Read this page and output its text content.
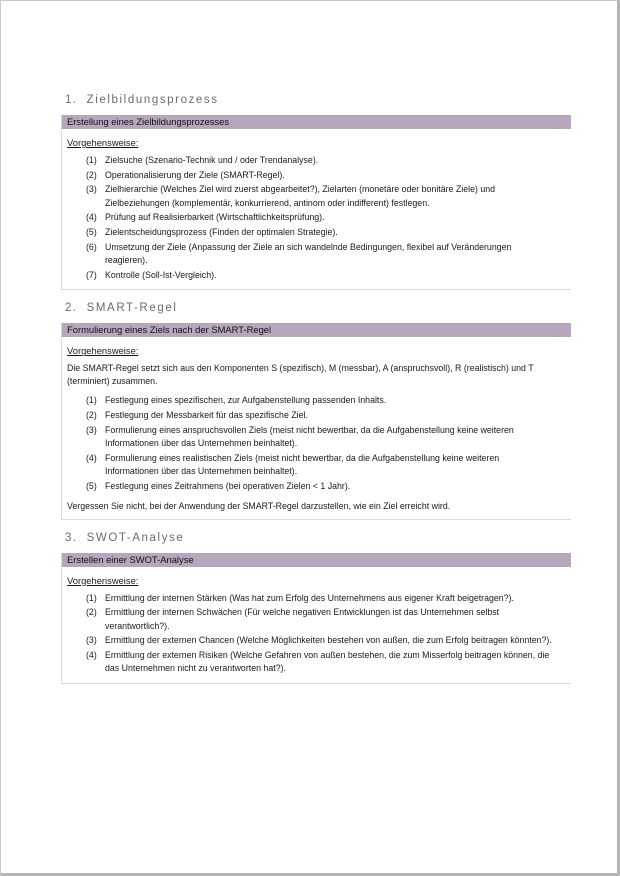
1. Zielbildungsprozess
Erstellung eines Zielbildungsprozesses
Vorgehensweise:
(1) Zielsuche (Szenario-Technik und / oder Trendanalyse).
(2) Operationalisierung der Ziele (SMART-Regel).
(3) Zielhierarchie (Welches Ziel wird zuerst abgearbeitet?), Zielarten (monetäre oder bonitäre Ziele) und Zielbeziehungen (komplementär, konkurrierend, antinom oder indifferent) festlegen.
(4) Prüfung auf Realisierbarkeit (Wirtschaftlichkeitsprüfung).
(5) Zielentscheidungsprozess (Finden der optimalen Strategie).
(6) Umsetzung der Ziele (Anpassung der Ziele an sich wandelnde Bedingungen, flexibel auf Veränderungen reagieren).
(7) Kontrolle (Soll-Ist-Vergleich).
2. SMART-Regel
Formulierung eines Ziels nach der SMART-Regel
Vorgehensweise:

Die SMART-Regel setzt sich aus den Komponenten S (spezifisch), M (messbar), A (anspruchsvoll), R (realistisch) und T (terminiert) zusammen.

(1) Festlegung eines spezifischen, zur Aufgabenstellung passenden Inhalts.
(2) Festlegung der Messbarkeit für das spezifische Ziel.
(3) Formulierung eines anspruchsvollen Ziels (meist nicht bewertbar, da die Aufgabenstellung keine weiteren Informationen über das Unternehmen beinhaltet).
(4) Formulierung eines realistischen Ziels (meist nicht bewertbar, da die Aufgabenstellung keine weiteren Informationen über das Unternehmen beinhaltet).
(5) Festlegung eines Zeitrahmens (bei operativen Zielen < 1 Jahr).

Vergessen Sie nicht, bei der Anwendung der SMART-Regel darzustellen, wie ein Ziel erreicht wird.

3. SWOT-Analyse
Erstellen einer SWOT-Analyse
Vorgehensweise:
(1) Ermittlung der internen Stärken (Was hat zum Erfolg des Unternehmens aus eigener Kraft beigetragen?).
(2) Ermittlung der internen Schwächen (Für welche negativen Entwicklungen ist das Unternehmen selbst verantwortlich?).
(3) Ermittlung der externen Chancen (Welche Möglichkeiten bestehen von außen, die zum Erfolg beitragen könnten?).
(4) Ermittlung der externen Risiken (Welche Gefahren von außen bestehen, die zum Misserfolg beitragen können, die das Unternehmen nicht zu verantworten hat?).
